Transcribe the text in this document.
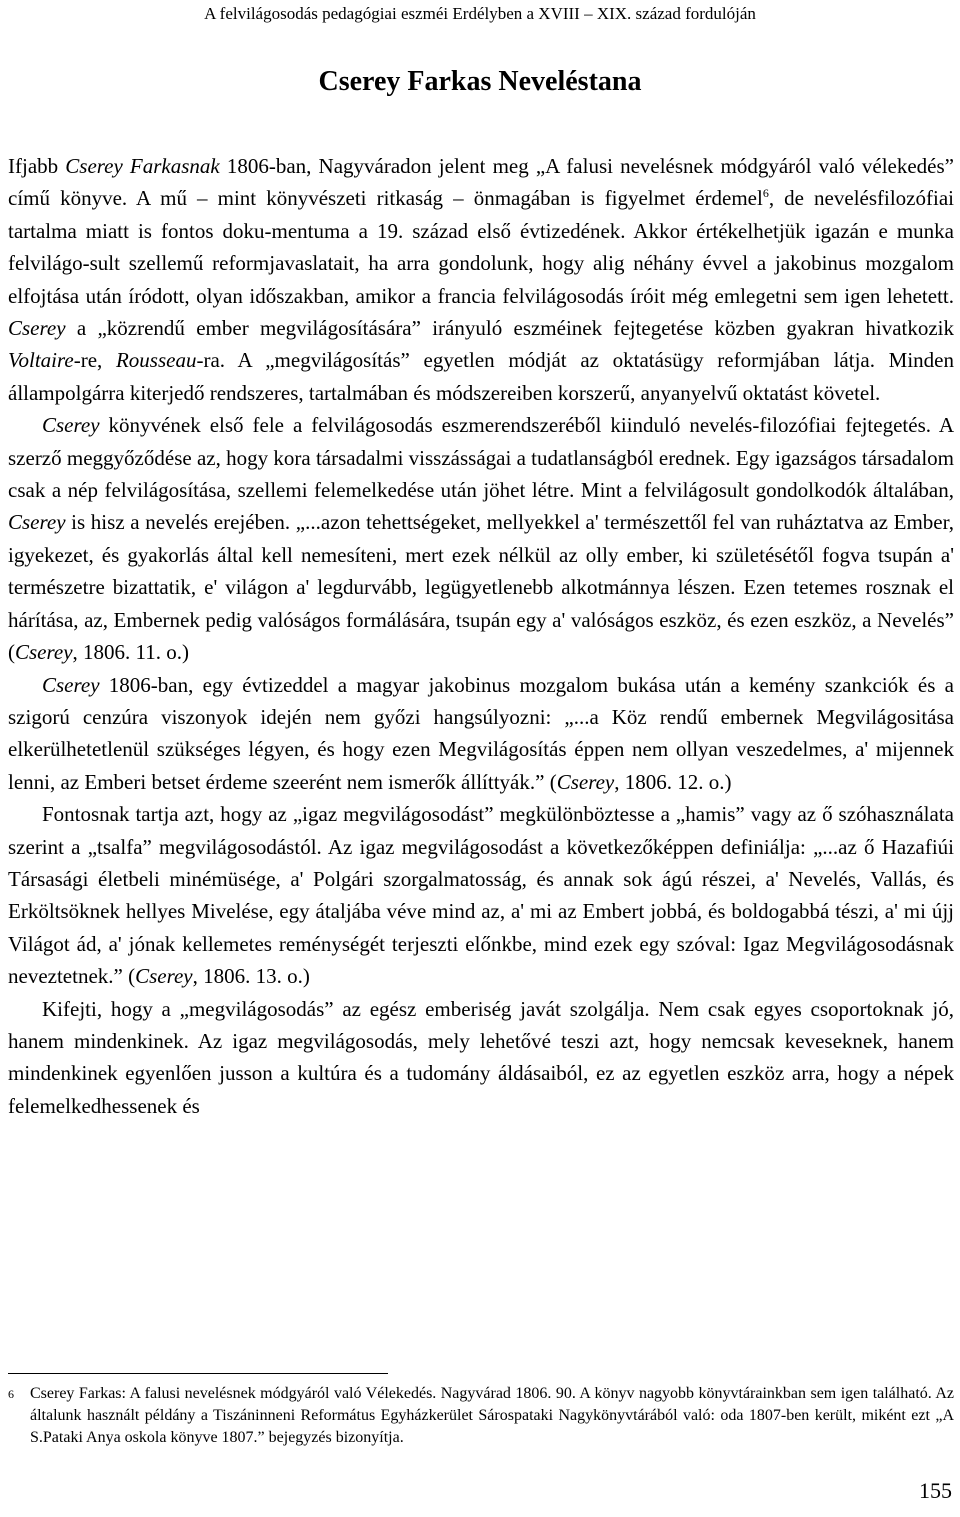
A felvilágosodás pedagógiai eszméi Erdélyben a XVIII – XIX. század fordulóján
Cserey Farkas Neveléstana

Ifjabb Cserey Farkasnak 1806-ban, Nagyváradon jelent meg „A falusi nevelésnek módgyáról való vélekedés” című könyve. A mű – mint könyvészeti ritkaság – önmagában is figyelmet érdemel$^6$, de nevelésfilozófiai tartalma miatt is fontos doku-mentuma a 19. század első évtizedének. Akkor értékelhetjük igazán e munka felvilágo-sult szellemű reformjavaslatait, ha arra gondolunk, hogy alig néhány évvel a jakobinus mozgalom elfojtása után íródott, olyan időszakban, amikor a francia felvilágosodás íróit még emlegetni sem igen lehetett. Cserey a „közrendű ember megvilágosítására” irányuló eszméinek fejtegetése közben gyakran hivatkozik Voltaire-re, Rousseau-ra. A „megvilágosítás” egyetlen módját az oktatásügy reformjában látja. Minden állampolgárra kiterjedő rendszeres, tartalmában és módszereiben korszerű, anyanyelvű oktatást követel.

Cserey könyvének első fele a felvilágosodás eszmerendszeréből kiinduló nevelés-filozófiai fejtegetés. A szerző meggyőződése az, hogy kora társadalmi visszásságai a tudatlanságból erednek. Egy igazságos társadalom csak a nép felvilágosítása, szellemi felemelkedése után jöhet létre. Mint a felvilágosult gondolkodók általában, Cserey is hisz a nevelés erejében. „...azon tehettségeket, mellyekkel a' természettől fel van ruháztatva az Ember, igyekezet, és gyakorlás által kell nemesíteni, mert ezek nélkül az olly ember, ki születésétől fogva tsupán a' természetre bizattatik, e' világon a' legdurvább, legügyetlenebb alkotmánnya lészen. Ezen tetemes rosznak el hárítása, az, Embernek pedig valóságos formálására, tsupán egy a' valóságos eszköz, és ezen eszköz, a Nevelés” (Cserey, 1806. 11. o.)

Cserey 1806-ban, egy évtizeddel a magyar jakobinus mozgalom bukása után a kemény szankciók és a szigorú cenzúra viszonyok idején nem győzi hangsúlyozni: „...a Köz rendű embernek Megvilágositása elkerülhetetlenül szükséges légyen, és hogy ezen Megvilágosítás éppen nem ollyan veszedelmes, a' mijennek lenni, az Emberi betset érdeme szeerént nem ismerők állíttyák.” (Cserey, 1806. 12. o.)

Fontosnak tartja azt, hogy az „igaz megvilágosodást” megkülönböztesse a „hamis” vagy az ő szóhasználata szerint a „tsalfa” megvilágosodástól. Az igaz megvilágosodást a következőképpen definiálja: „...az ő Hazafiúi Társasági életbeli minémüsége, a' Polgári szorgalmatosság, és annak sok ágú részei, a' Nevelés, Vallás, és Erköltsöknek hellyes Mivelése, egy átaljába véve mind az, a' mi az Embert jobbá, és boldogabbá tészi, a' mi újj Világot ád, a' jónak kellemetes reménységét terjeszti előnkbe, mind ezek egy szóval: Igaz Megvilágosodásnak neveztetnek.” (Cserey, 1806. 13. o.)

Kifejti, hogy a „megvilágosodás” az egész emberiség javát szolgálja. Nem csak egyes csoportoknak jó, hanem mindenkinek. Az igaz megvilágosodás, mely lehetővé teszi azt, hogy nemcsak keveseknek, hanem mindenkinek egyenlően jusson a kultúra és a tudomány áldásaiból, ez az egyetlen eszköz arra, hogy a népek felemelkedhessenek és

6	Cserey Farkas: A falusi nevelésnek módgyáról való Vélekedés. Nagyvárad 1806. 90. A könyv nagyobb könyvtárainkban sem igen található. Az általunk használt példány a Tiszáninneni Református Egyházkerület Sárospataki Nagykönyvtárából való: oda 1807-ben került, miként ezt „A S.Pataki Anya oskola könyve 1807.” bejegyzés bizonyítja.
155
